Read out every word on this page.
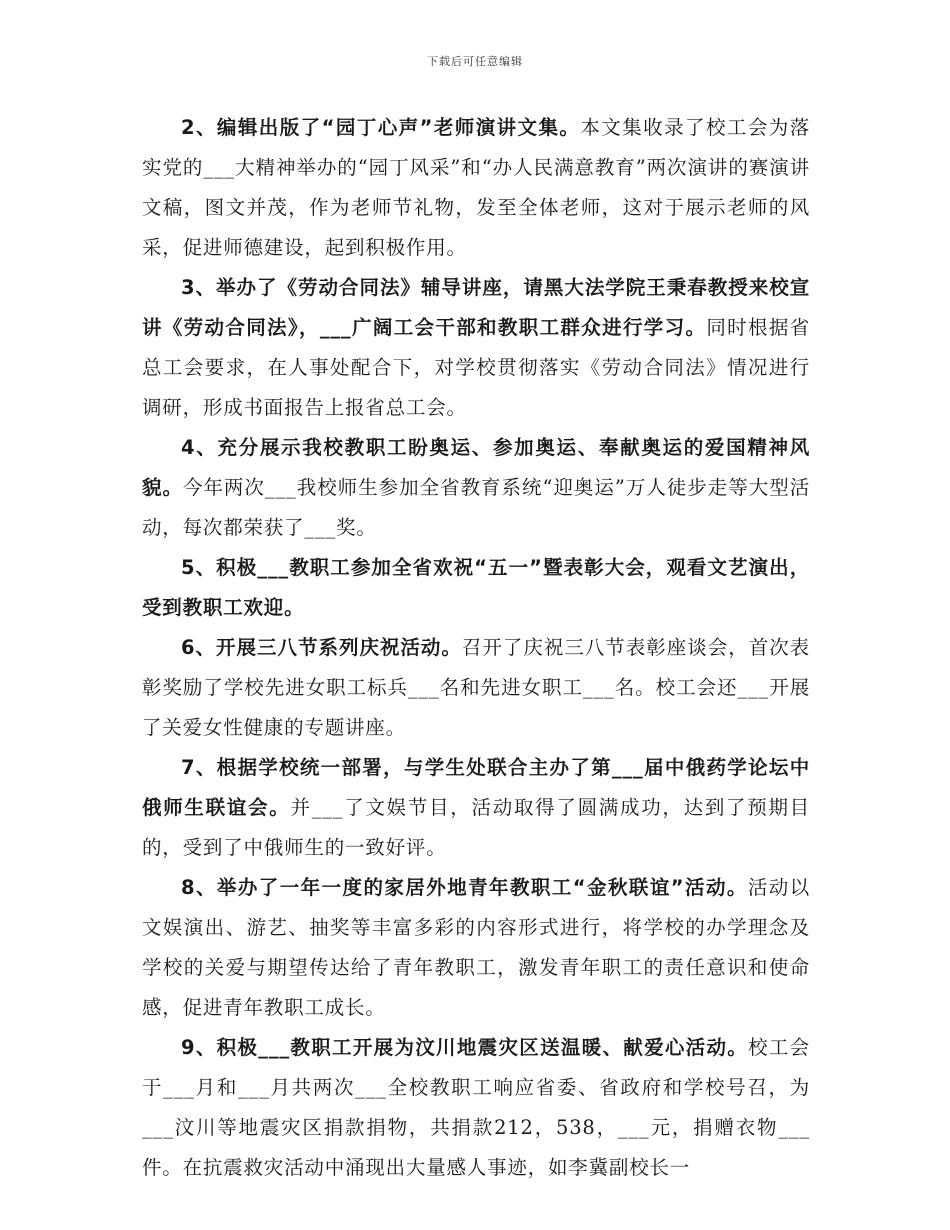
下载后可任意编辑

2、编辑出版了“园丁心声”老师演讲文集。本文集收录了校工会为落实党的___大精神举办的“园丁风采”和“办人民满意教育”两次演讲的赛演讲文稿，图文并茂，作为老师节礼物，发至全体老师，这对于展示老师的风采，促进师德建设，起到积极作用。

3、举办了《劳动合同法》辅导讲座，请黑大法学院王秉春教授来校宣讲《劳动合同法》，___广阔工会干部和教职工群众进行学习。同时根据省总工会要求，在人事处配合下，对学校贯彻落实《劳动合同法》情况进行调研，形成书面报告上报省总工会。

4、充分展示我校教职工盼奥运、参加奥运、奉献奥运的爱国精神风貌。今年两次___我校师生参加全省教育系统“迎奥运”万人徒步走等大型活动，每次都荣获了___奖。

5、积极___教职工参加全省欢祝“五一”暨表彰大会，观看文艺演出，受到教职工欢迎。

6、开展三八节系列庆祝活动。召开了庆祝三八节表彰座谈会，首次表彰奖励了学校先进女职工标兵___名和先进女职工___名。校工会还___开展了关爱女性健康的专题讲座。

7、根据学校统一部署，与学生处联合主办了第___届中俄药学论坛中俄师生联谊会。并___了文娱节目，活动取得了圆满成功，达到了预期目的，受到了中俄师生的一致好评。

8、举办了一年一度的家居外地青年教职工“金秋联谊”活动。活动以文娱演出、游艺、抽奖等丰富多彩的内容形式进行，将学校的办学理念及学校的关爱与期望传达给了青年教职工，激发青年职工的责任意识和使命感，促进青年教职工成长。

9、积极___教职工开展为汶川地震灾区送温暖、献爱心活动。校工会于___月和___月共两次___全校教职工响应省委、省政府和学校号召，为___汶川等地震灾区捐款捐物，共捐款212，538，___元，捐赠衣物___件。在抗震救灾活动中涌现出大量感人事迹，如李冀副校长一
